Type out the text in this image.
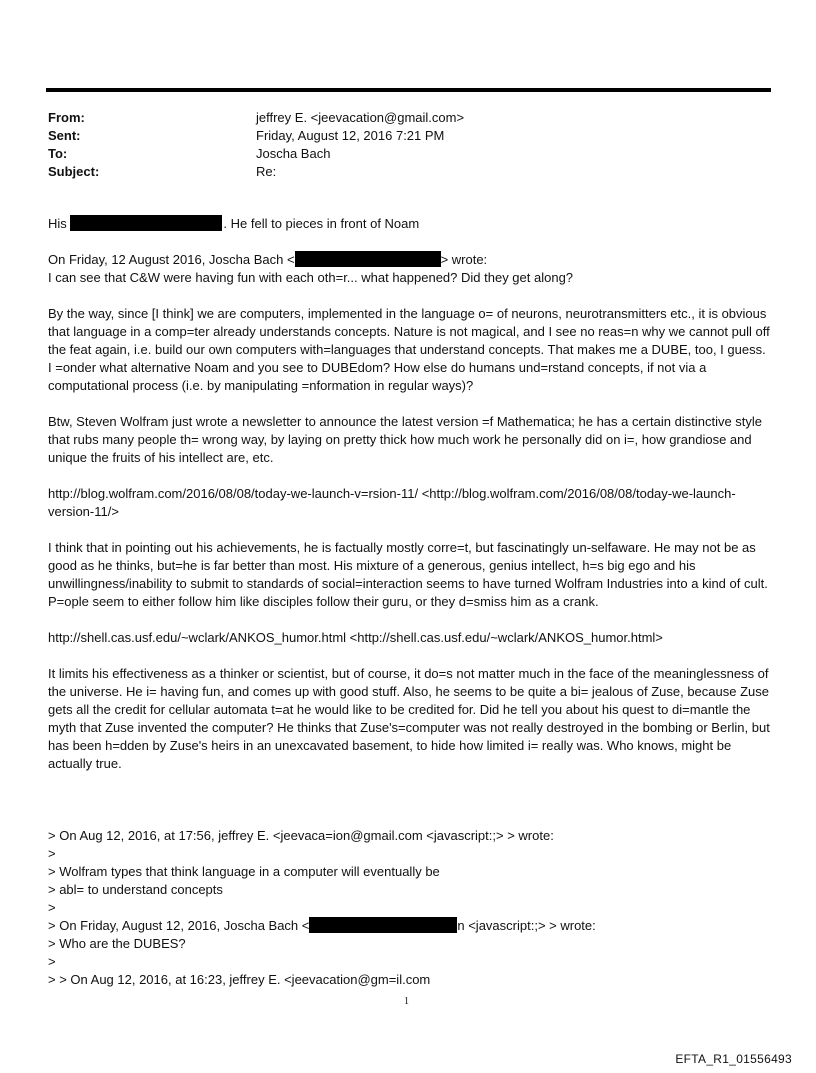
From:	jeffrey E. <jeevacation@gmail.com>
Sent:	Friday, August 12, 2016 7:21 PM
To:	Joscha Bach
Subject:	Re:
His	. He fell to pieces in front of Noam
On Friday, 12 August 2016, Joscha Bach <	> wrote:
I can see that C&W were having fun with each oth=r... what happened? Did they get along?

By the way, since [I think] we are computers, implemented in the language o= of neurons, neurotransmitters etc., it is obvious that language in a comp=ter already understands concepts. Nature is not magical, and I see no reas=n why we cannot pull off the feat again, i.e. build our own computers with=languages that understand concepts. That makes me a DUBE, too, I guess. I =onder what alternative Noam and you see to DUBEdom? How else do humans und=rstand concepts, if not via a computational process (i.e. by manipulating =nformation in regular ways)?

Btw, Steven Wolfram just wrote a newsletter to announce the latest version =f Mathematica; he has a certain distinctive style that rubs many people th= wrong way, by laying on pretty thick how much work he personally did on i=, how grandiose and unique the fruits of his intellect are, etc.

http://blog.wolfram.com/2016/08/08/today-we-launch-v=rsion-11/ <http://blog.wolfram.com/2016/08/08/today-we-launch-version-11/>

I think that in pointing out his achievements, he is factually mostly corre=t, but fascinatingly un-selfaware. He may not be as good as he thinks, but=he is far better than most. His mixture of a generous, genius intellect, h=s big ego and his unwillingness/inability to submit to standards of social=interaction seems to have turned Wolfram Industries into a kind of cult. P=ople seem to either follow him like disciples follow their guru, or they d=smiss him as a crank.

http://shell.cas.usf.edu/~wclark/ANKOS_humor.html <http://shell.cas.usf.edu/~wclark/ANKOS_humor.html>

It limits his effectiveness as a thinker or scientist, but of course, it do=s not matter much in the face of the meaninglessness of the universe. He i= having fun, and comes up with good stuff. Also, he seems to be quite a bi= jealous of Zuse, because Zuse gets all the credit for cellular automata t=at he would like to be credited for. Did he tell you about his quest to di=mantle the myth that Zuse invented the computer? He thinks that Zuse's=computer was not really destroyed in the bombing or Berlin, but has been h=dden by Zuse's heirs in an unexcavated basement, to hide how limited i= really was. Who knows, might be actually true.

> On Aug 12, 2016, at 17:56, jeffrey E. <jeevaca=ion@gmail.com <javascript:;> > wrote:
>
> Wolfram types that think language in a computer will eventually be
> abl= to understand concepts
>
> On Friday, August 12, 2016, Joscha Bach <	n <javascript:;> > wrote:
> Who are the DUBES?
>
> > On Aug 12, 2016, at 16:23, jeffrey E. <jeevacation@gm=il.com
1
EFTA_R1_01556493
